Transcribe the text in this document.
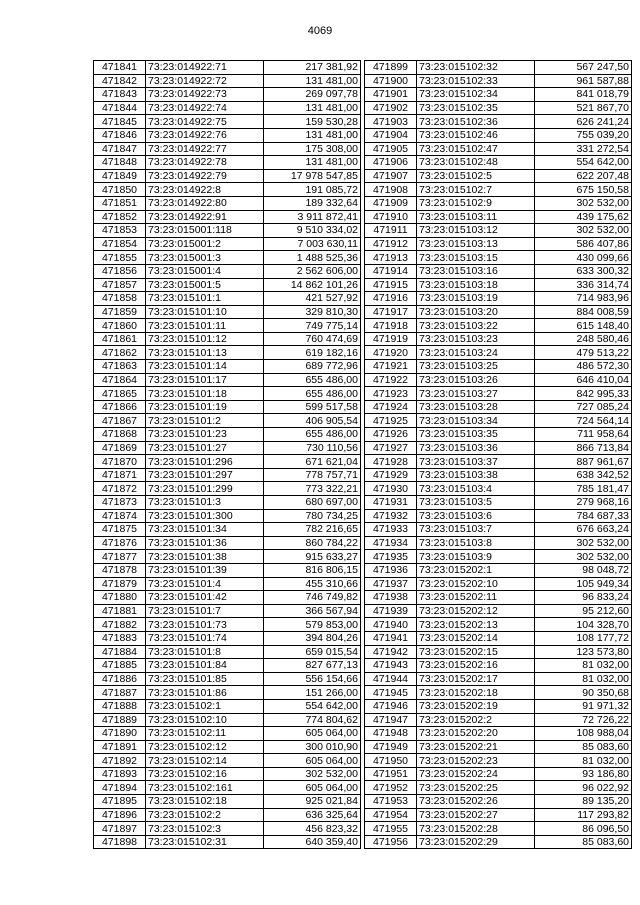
4069
471841	73:23:014922:71	217 381,92
471842	73:23:014922:72	131 481,00
471843	73:23:014922:73	269 097,78
471844	73:23:014922:74	131 481,00
471845	73:23:014922:75	159 530,28
471846	73:23:014922:76	131 481,00
471847	73:23:014922:77	175 308,00
471848	73:23:014922:78	131 481,00
471849	73:23:014922:79	17 978 547,85
471850	73:23:014922:8	191 085,72
471851	73:23:014922:80	189 332,64
471852	73:23:014922:91	3 911 872,41
471853	73:23:015001:118	9 510 334,02
471854	73:23:015001:2	7 003 630,11
471855	73:23:015001:3	1 488 525,36
471856	73:23:015001:4	2 562 606,00
471857	73:23:015001:5	14 862 101,26
471858	73:23:015101:1	421 527,92
471859	73:23:015101:10	329 810,30
471860	73:23:015101:11	749 775,14
471861	73:23:015101:12	760 474,69
471862	73:23:015101:13	619 182,16
471863	73:23:015101:14	689 772,96
471864	73:23:015101:17	655 486,00
471865	73:23:015101:18	655 486,00
471866	73:23:015101:19	599 517,58
471867	73:23:015101:2	406 905,54
471868	73:23:015101:23	655 486,00
471869	73:23:015101:27	730 110,56
471870	73:23:015101:296	671 621,04
471871	73:23:015101:297	778 757,71
471872	73:23:015101:299	773 322,21
471873	73:23:015101:3	680 697,00
471874	73:23:015101:300	780 734,25
471875	73:23:015101:34	782 216,65
471876	73:23:015101:36	860 784,22
471877	73:23:015101:38	915 633,27
471878	73:23:015101:39	816 806,15
471879	73:23:015101:4	455 310,66
471880	73:23:015101:42	746 749,82
471881	73:23:015101:7	366 567,94
471882	73:23:015101:73	579 853,00
471883	73:23:015101:74	394 804,26
471884	73:23:015101:8	659 015,54
471885	73:23:015101:84	827 677,13
471886	73:23:015101:85	556 154,66
471887	73:23:015101:86	151 266,00
471888	73:23:015102:1	554 642,00
471889	73:23:015102:10	774 804,62
471890	73:23:015102:11	605 064,00
471891	73:23:015102:12	300 010,90
471892	73:23:015102:14	605 064,00
471893	73:23:015102:16	302 532,00
471894	73:23:015102:161	605 064,00
471895	73:23:015102:18	925 021,84
471896	73:23:015102:2	636 325,64
471897	73:23:015102:3	456 823,32
471898	73:23:015102:31	640 359,40
471899	73:23:015102:32	567 247,50
471900	73:23:015102:33	961 587,88
471901	73:23:015102:34	841 018,79
471902	73:23:015102:35	521 867,70
471903	73:23:015102:36	626 241,24
471904	73:23:015102:46	755 039,20
471905	73:23:015102:47	331 272,54
471906	73:23:015102:48	554 642,00
471907	73:23:015102:5	622 207,48
471908	73:23:015102:7	675 150,58
471909	73:23:015102:9	302 532,00
471910	73:23:015103:11	439 175,62
471911	73:23:015103:12	302 532,00
471912	73:23:015103:13	586 407,86
471913	73:23:015103:15	430 099,66
471914	73:23:015103:16	633 300,32
471915	73:23:015103:18	336 314,74
471916	73:23:015103:19	714 983,96
471917	73:23:015103:20	884 008,59
471918	73:23:015103:22	615 148,40
471919	73:23:015103:23	248 580,46
471920	73:23:015103:24	479 513,22
471921	73:23:015103:25	486 572,30
471922	73:23:015103:26	646 410,04
471923	73:23:015103:27	842 995,33
471924	73:23:015103:28	727 085,24
471925	73:23:015103:34	724 564,14
471926	73:23:015103:35	711 958,64
471927	73:23:015103:36	866 713,84
471928	73:23:015103:37	887 961,67
471929	73:23:015103:38	638 342,52
471930	73:23:015103:4	785 181,47
471931	73:23:015103:5	279 968,16
471932	73:23:015103:6	784 687,33
471933	73:23:015103:7	676 663,24
471934	73:23:015103:8	302 532,00
471935	73:23:015103:9	302 532,00
471936	73:23:015202:1	98 048,72
471937	73:23:015202:10	105 949,34
471938	73:23:015202:11	96 833,24
471939	73:23:015202:12	95 212,60
471940	73:23:015202:13	104 328,70
471941	73:23:015202:14	108 177,72
471942	73:23:015202:15	123 573,80
471943	73:23:015202:16	81 032,00
471944	73:23:015202:17	81 032,00
471945	73:23:015202:18	90 350,68
471946	73:23:015202:19	91 971,32
471947	73:23:015202:2	72 726,22
471948	73:23:015202:20	108 988,04
471949	73:23:015202:21	85 083,60
471950	73:23:015202:23	81 032,00
471951	73:23:015202:24	93 186,80
471952	73:23:015202:25	96 022,92
471953	73:23:015202:26	89 135,20
471954	73:23:015202:27	117 293,82
471955	73:23:015202:28	86 096,50
471956	73:23:015202:29	85 083,60
